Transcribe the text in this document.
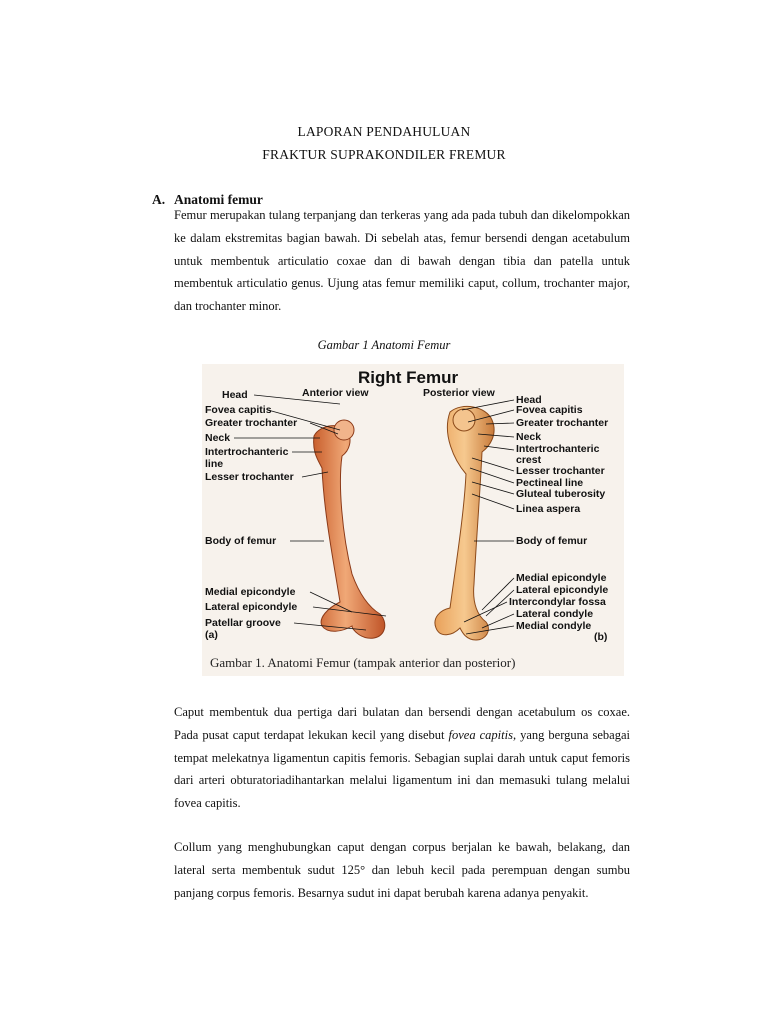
LAPORAN PENDAHULUAN
FRAKTUR SUPRAKONDILER FREMUR
A. Anatomi femur
Femur merupakan tulang terpanjang dan terkeras yang ada pada tubuh dan dikelompokkan ke dalam ekstremitas bagian bawah. Di sebelah atas, femur bersendi dengan acetabulum untuk membentuk articulatio coxae dan di bawah dengan tibia dan patella untuk membentuk articulatio genus. Ujung atas femur memiliki caput, collum, trochanter major, dan trochanter minor.
Gambar 1 Anatomi Femur
Right Femur
Anterior view	Posterior view
Head
Fovea capitis
Greater trochanter
Neck
Intertrochanteric
line
Lesser trochanter
Body of femur
Medial epicondyle
Lateral epicondyle
Patellar groove
(a)
Head
Fovea capitis
Greater trochanter
Neck
Intertrochanteric
crest
Lesser trochanter
Pectineal line
Gluteal tuberosity
Linea aspera
Body of femur
Medial epicondyle
Lateral epicondyle
Intercondylar fossa
Lateral condyle
Medial condyle
(b)
Gambar 1. Anatomi Femur (tampak anterior dan posterior)
Caput membentuk dua pertiga dari bulatan dan bersendi dengan acetabulum os coxae. Pada pusat caput terdapat lekukan kecil yang disebut fovea capitis, yang berguna sebagai tempat melekatnya ligamentun capitis femoris. Sebagian suplai darah untuk caput femoris dari arteri obturatoriadihantarkan melalui ligamentum ini dan memasuki tulang melalui fovea capitis.
Collum yang menghubungkan caput dengan corpus berjalan ke bawah, belakang, dan lateral serta membentuk sudut 125° dan lebuh kecil pada perempuan dengan sumbu panjang corpus femoris. Besarnya sudut ini dapat berubah karena adanya penyakit.
